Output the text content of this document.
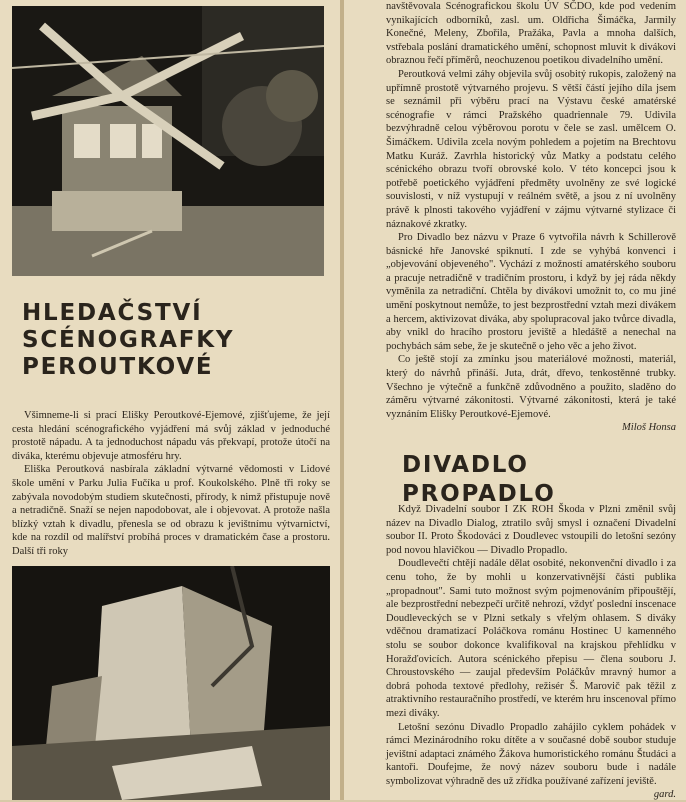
HLEDAČSTVÍ
SCÉNOGRAFKY
PEROUTKOVÉ

Všimneme-li si prací Elišky Peroutkové-Ejemové, zjišťujeme, že její cesta hledání scénografického vyjádření má svůj základ v jednoduché prostotě nápadu. A ta jednoduchost nápadu vás překvapí, protože útočí na diváka, kterému objevuje atmosféru hry.

Eliška Peroutková nasbírala základní výtvarné vědomosti v Lidové škole umění v Parku Julia Fučíka u prof. Koukolského. Plně tři roky se zabývala novodobým studiem skutečnosti, přírody, k nimž přistupuje nově a netradičně. Snaží se nejen napodobovat, ale i objevovat. A protože našla blízký vztah k divadlu, přenesla se od obrazu k jevištnímu výtvarnictví, kde na rozdíl od malířství probíhá proces v dramatickém čase a prostoru. Další tři roky

navštěvovala Scénografickou školu ÚV SČDO, kde pod vedením vynikajících odborníků, zasl. um. Oldřicha Šimáčka, Jarmily Konečné, Meleny, Zbořila, Pražáka, Pavla a mnoha dalších, vstřebala poslání dramatického umění, schopnost mluvit k divákovi obraznou řečí příměrů, neochuzenou poetikou divadelního umění.

Peroutková velmi záhy objevila svůj osobitý rukopis, založený na upřímně prostotě výtvarného projevu. S větší částí jejího díla jsem se seznámil při výběru prací na Výstavu české amatérské scénografie v rámci Pražského quadriennale 79. Udivila bezvýhradně celou výběrovou porotu v čele se zasl. umělcem O. Šimáčkem. Udivila zcela novým pohledem a pojetím na Brechtovu Matku Kuráž. Zavrhla historický vůz Matky a podstatu celého scénického obrazu tvoří obrovské kolo. V této koncepci jsou k potřebě poetického vyjádření předměty uvolněny ze své logické souvislosti, v níž vystupují v reálném světě, a jsou z ní uvolněny právě k plnosti takového vyjádření v zájmu výtvarné stylizace či náznakové zkratky.

Pro Divadlo bez názvu v Praze 6 vytvořila návrh k Schillerově básnické hře Janovské spiknutí. I zde se vyhýbá konvenci i „objevování objeveného". Vychází z možností amatérského souboru a pracuje netradičně v tradičním prostoru, i když by jej ráda někdy vyměnila za netradiční. Chtěla by divákovi umožnit to, co mu jiné umění poskytnout nemůže, to jest bezprostřední vztah mezi divákem a hercem, aktivizovat diváka, aby spolupracoval jako tvůrce divadla, aby vnikl do hracího prostoru jeviště a hledáště a nenechal na pochybách sám sebe, že je skutečně o jeho věc a jeho život.

Co ještě stojí za zmínku jsou materiálové možnosti, materiál, který do návrhů přináší. Juta, drát, dřevo, tenkostěnné trubky. Všechno je výtečně a funkčně zdůvodněno a použito, sladěno do záměru výtvarné zákonitosti. Výtvarné zákonitosti, která je také vyznáním Elišky Peroutkové-Ejemové.

Miloš Honsa

DIVADLO
PROPADLO

Když Divadelní soubor I ZK ROH Škoda v Plzni změnil svůj název na Divadlo Dialog, ztratilo svůj smysl i označení Divadelní soubor II. Proto Škodováci z Doudlevec vstoupili do letošní sezóny pod novou hlavičkou — Divadlo Propadlo.

Doudlevečtí chtějí nadále dělat osobité, nekonvenční divadlo i za cenu toho, že by mohli u konzervativnější části publika „propadnout". Sami tuto možnost svým pojmenováním připouštějí, ale bezprostřední nebezpečí určitě nehrozí, vždyť poslední inscenace Doudleveckých se v Plzni setkaly s vřelým ohlasem. S diváky vděčnou dramatizací Poláčkova románu Hostinec U kamenného stolu se soubor dokonce kvalifikoval na krajskou přehlídku v Horažďovicích. Autora scénického přepisu — člena souboru J. Chroustovského — zaujal především Poláčkův mravný humor a dobrá pohoda textové předlohy, režisér Š. Marovič pak těžil z atraktivního restauračního prostředí, ve kterém hru inscenoval přímo mezi diváky.

Letošní sezónu Divadlo Propadlo zahájilo cyklem pohádek v rámci Mezinárodního roku dítěte a v současné době soubor studuje jevištní adaptaci známého Žákova humoristického románu Študáci a kantoři. Doufejme, že nový název souboru bude i nadále symbolizovat výhradně des už zřídka používané zařízení jeviště.

gard.
